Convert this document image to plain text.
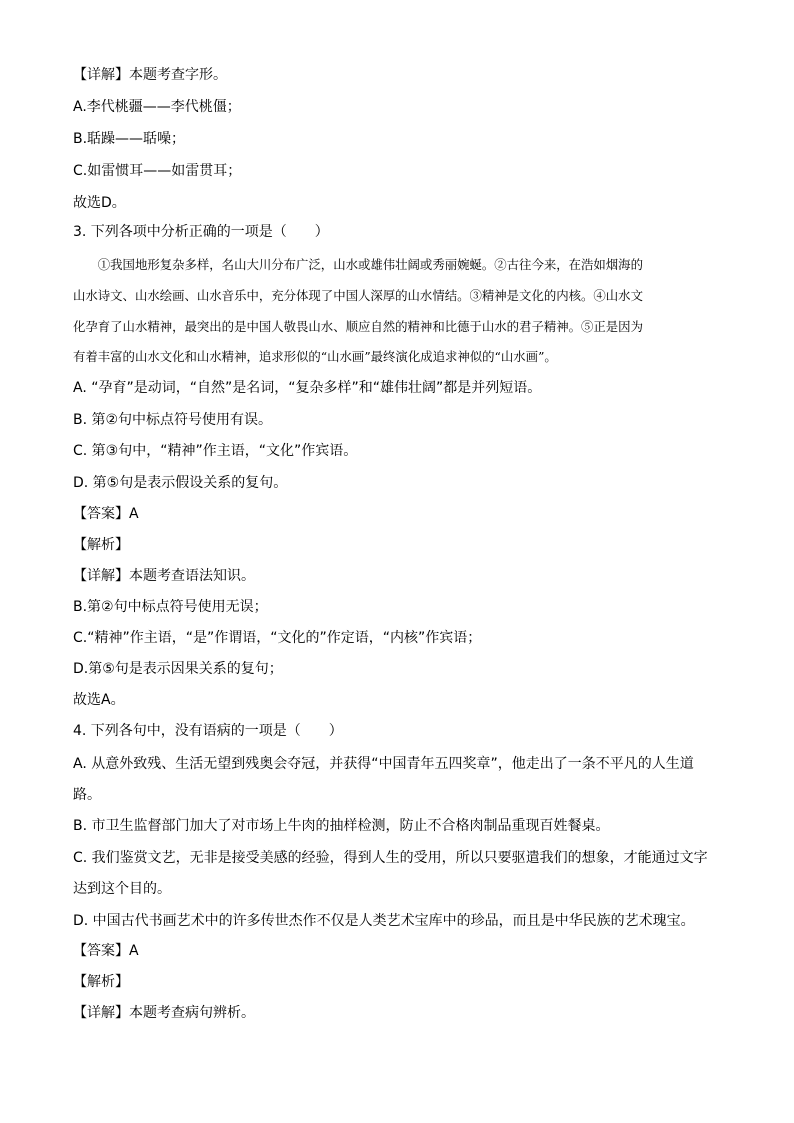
【详解】本题考查字形。
A.李代桃疆——李代桃僵；
B.聒躁——聒噪；
C.如雷惯耳——如雷贯耳；
故选D。
3. 下列各项中分析正确的一项是（　　）
　　①我国地形复杂多样，名山大川分布广泛，山水或雄伟壮阔或秀丽婉蜒。②古往今来，在浩如烟海的
山水诗文、山水绘画、山水音乐中，充分体现了中国人深厚的山水情结。③精神是文化的内核。④山水文
化孕育了山水精神，最突出的是中国人敬畏山水、顺应自然的精神和比德于山水的君子精神。⑤正是因为
有着丰富的山水文化和山水精神，追求形似的“山水画”最终演化成追求神似的“山水画”。
A. “孕育”是动词，“自然”是名词，“复杂多样”和“雄伟壮阔”都是并列短语。
B. 第②句中标点符号使用有误。
C. 第③句中，“精神”作主语，“文化”作宾语。
D. 第⑤句是表示假设关系的复句。
【答案】A
【解析】
【详解】本题考查语法知识。
B.第②句中标点符号使用无误；
C.“精神”作主语，“是”作谓语，“文化的”作定语，“内核”作宾语；
D.第⑤句是表示因果关系的复句；
故选A。
4. 下列各句中，没有语病的一项是（　　）
A. 从意外致残、生活无望到残奥会夺冠，并获得“中国青年五四奖章”，他走出了一条不平凡的人生道
路。
B. 市卫生监督部门加大了对市场上牛肉的抽样检测，防止不合格肉制品重现百姓餐桌。
C. 我们鉴赏文艺，无非是接受美感的经验，得到人生的受用，所以只要驱遣我们的想象，才能通过文字
达到这个目的。
D. 中国古代书画艺术中的许多传世杰作不仅是人类艺术宝库中的珍品，而且是中华民族的艺术瑰宝。
【答案】A
【解析】
【详解】本题考查病句辨析。
